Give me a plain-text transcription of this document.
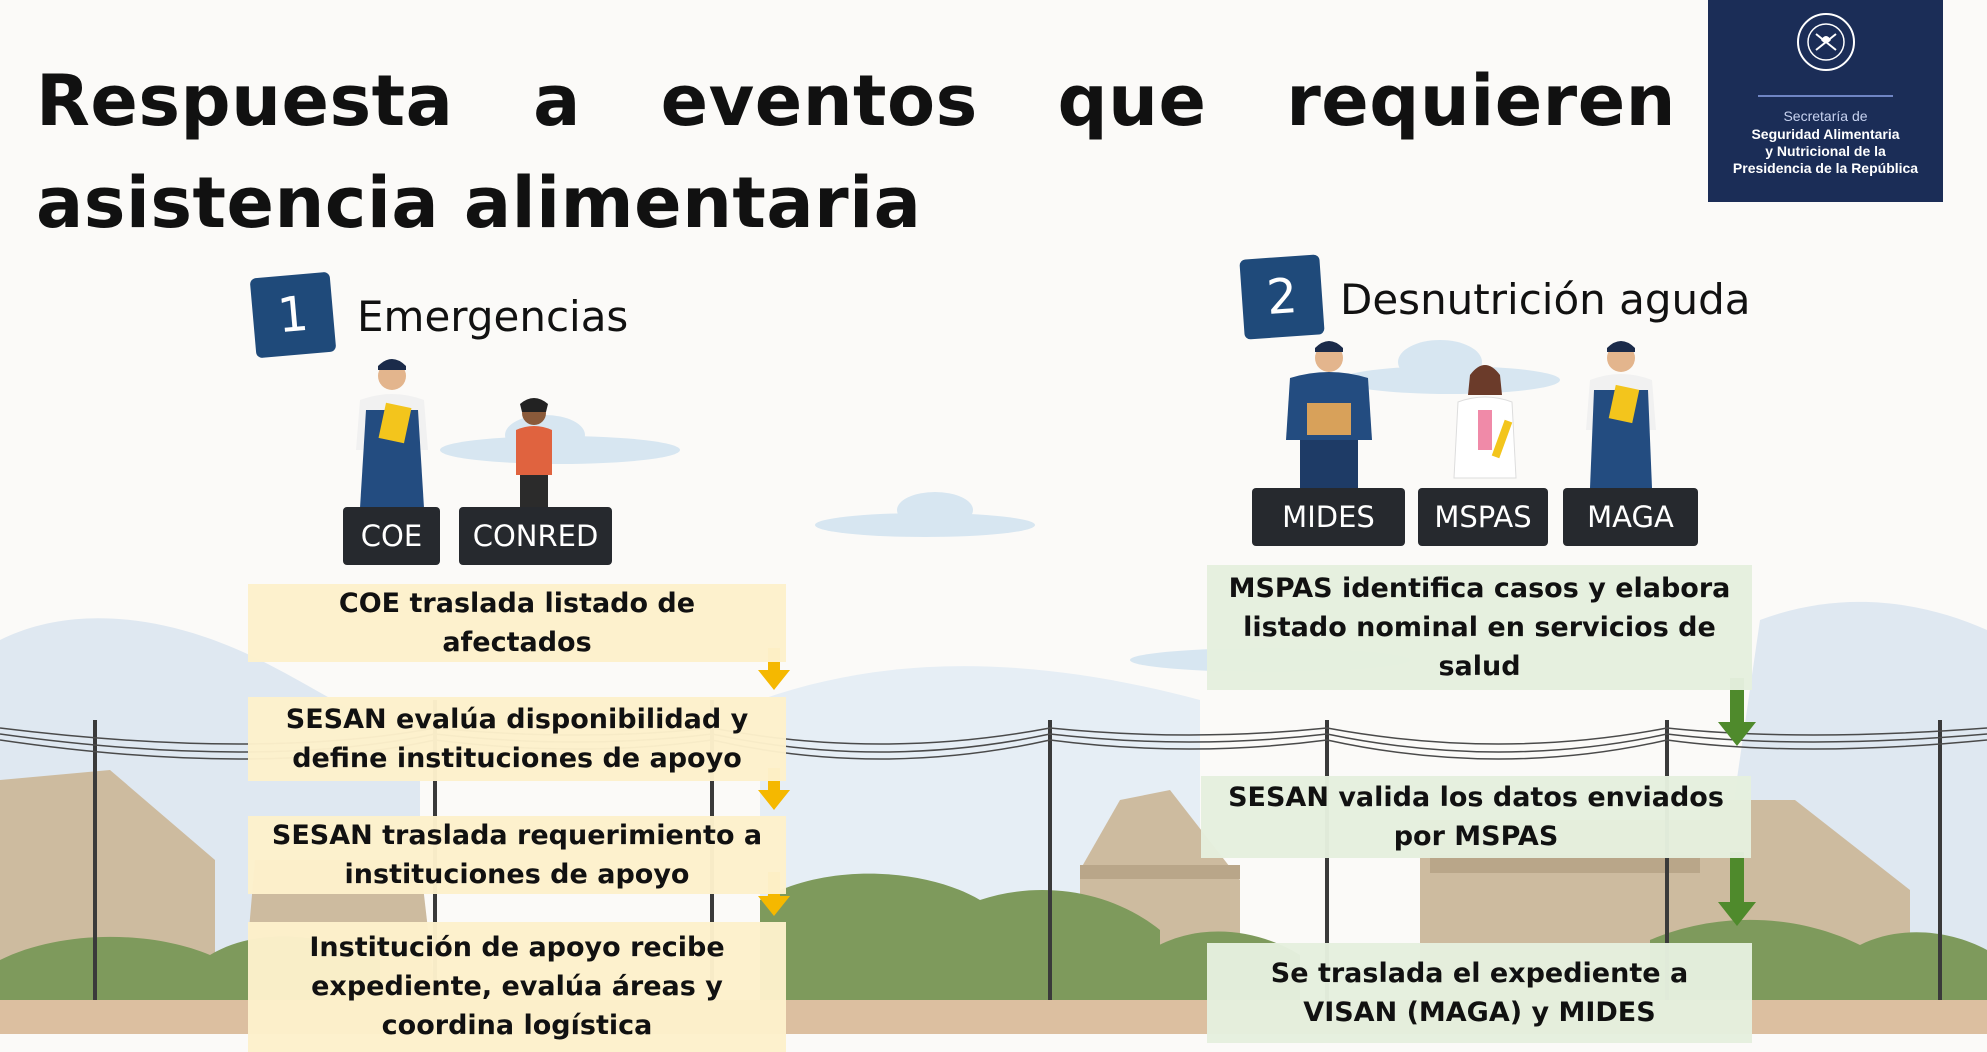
Respuesta a eventos que requieren asistencia alimentaria
Secretaría de
Seguridad Alimentaria
y Nutricional de la
Presidencia de la República
1	Emergencias
COE	CONRED
COE traslada listado de afectados
SESAN evalúa disponibilidad y define instituciones de apoyo
SESAN traslada requerimiento a instituciones de apoyo
Institución de apoyo recibe expediente, evalúa áreas y coordina logística
2 Desnutrición aguda
MIDES	MSPAS	MAGA
MSPAS identifica casos y elabora listado nominal en servicios de salud
SESAN valida los datos enviados por MSPAS
Se traslada el expediente a VISAN (MAGA) y MIDES
